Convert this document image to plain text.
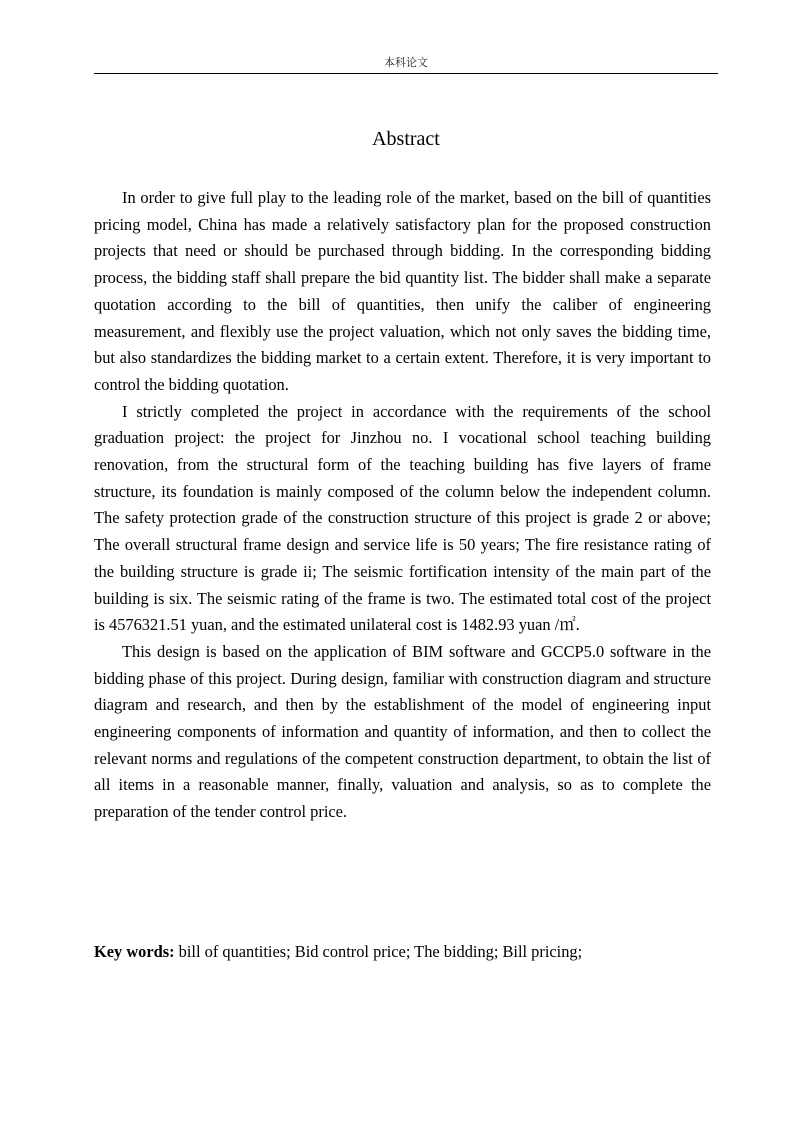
本科论文
Abstract

In order to give full play to the leading role of the market, based on the bill of quantities pricing model, China has made a relatively satisfactory plan for the proposed construction projects that need or should be purchased through bidding. In the corresponding bidding process, the bidding staff shall prepare the bid quantity list. The bidder shall make a separate quotation according to the bill of quantities, then unify the caliber of engineering measurement, and flexibly use the project valuation, which not only saves the bidding time, but also standardizes the bidding market to a certain extent. Therefore, it is very important to control the bidding quotation.

I strictly completed the project in accordance with the requirements of the school graduation project: the project for Jinzhou no. I vocational school teaching building renovation, from the structural form of the teaching building has five layers of frame structure, its foundation is mainly composed of the column below the independent column. The safety protection grade of the construction structure of this project is grade 2 or above; The overall structural frame design and service life is 50 years; The fire resistance rating of the building structure is grade ii; The seismic fortification intensity of the main part of the building is six. The seismic rating of the frame is two. The estimated total cost of the project is 4576321.51 yuan, and the estimated unilateral cost is 1482.93 yuan /㎡.

This design is based on the application of BIM software and GCCP5.0 software in the bidding phase of this project. During design, familiar with construction diagram and structure diagram and research, and then by the establishment of the model of engineering input engineering components of information and quantity of information, and then to collect the relevant norms and regulations of the competent construction department, to obtain the list of all items in a reasonable manner, finally, valuation and analysis, so as to complete the preparation of the tender control price.

Key words: bill of quantities; Bid control price; The bidding; Bill pricing;
